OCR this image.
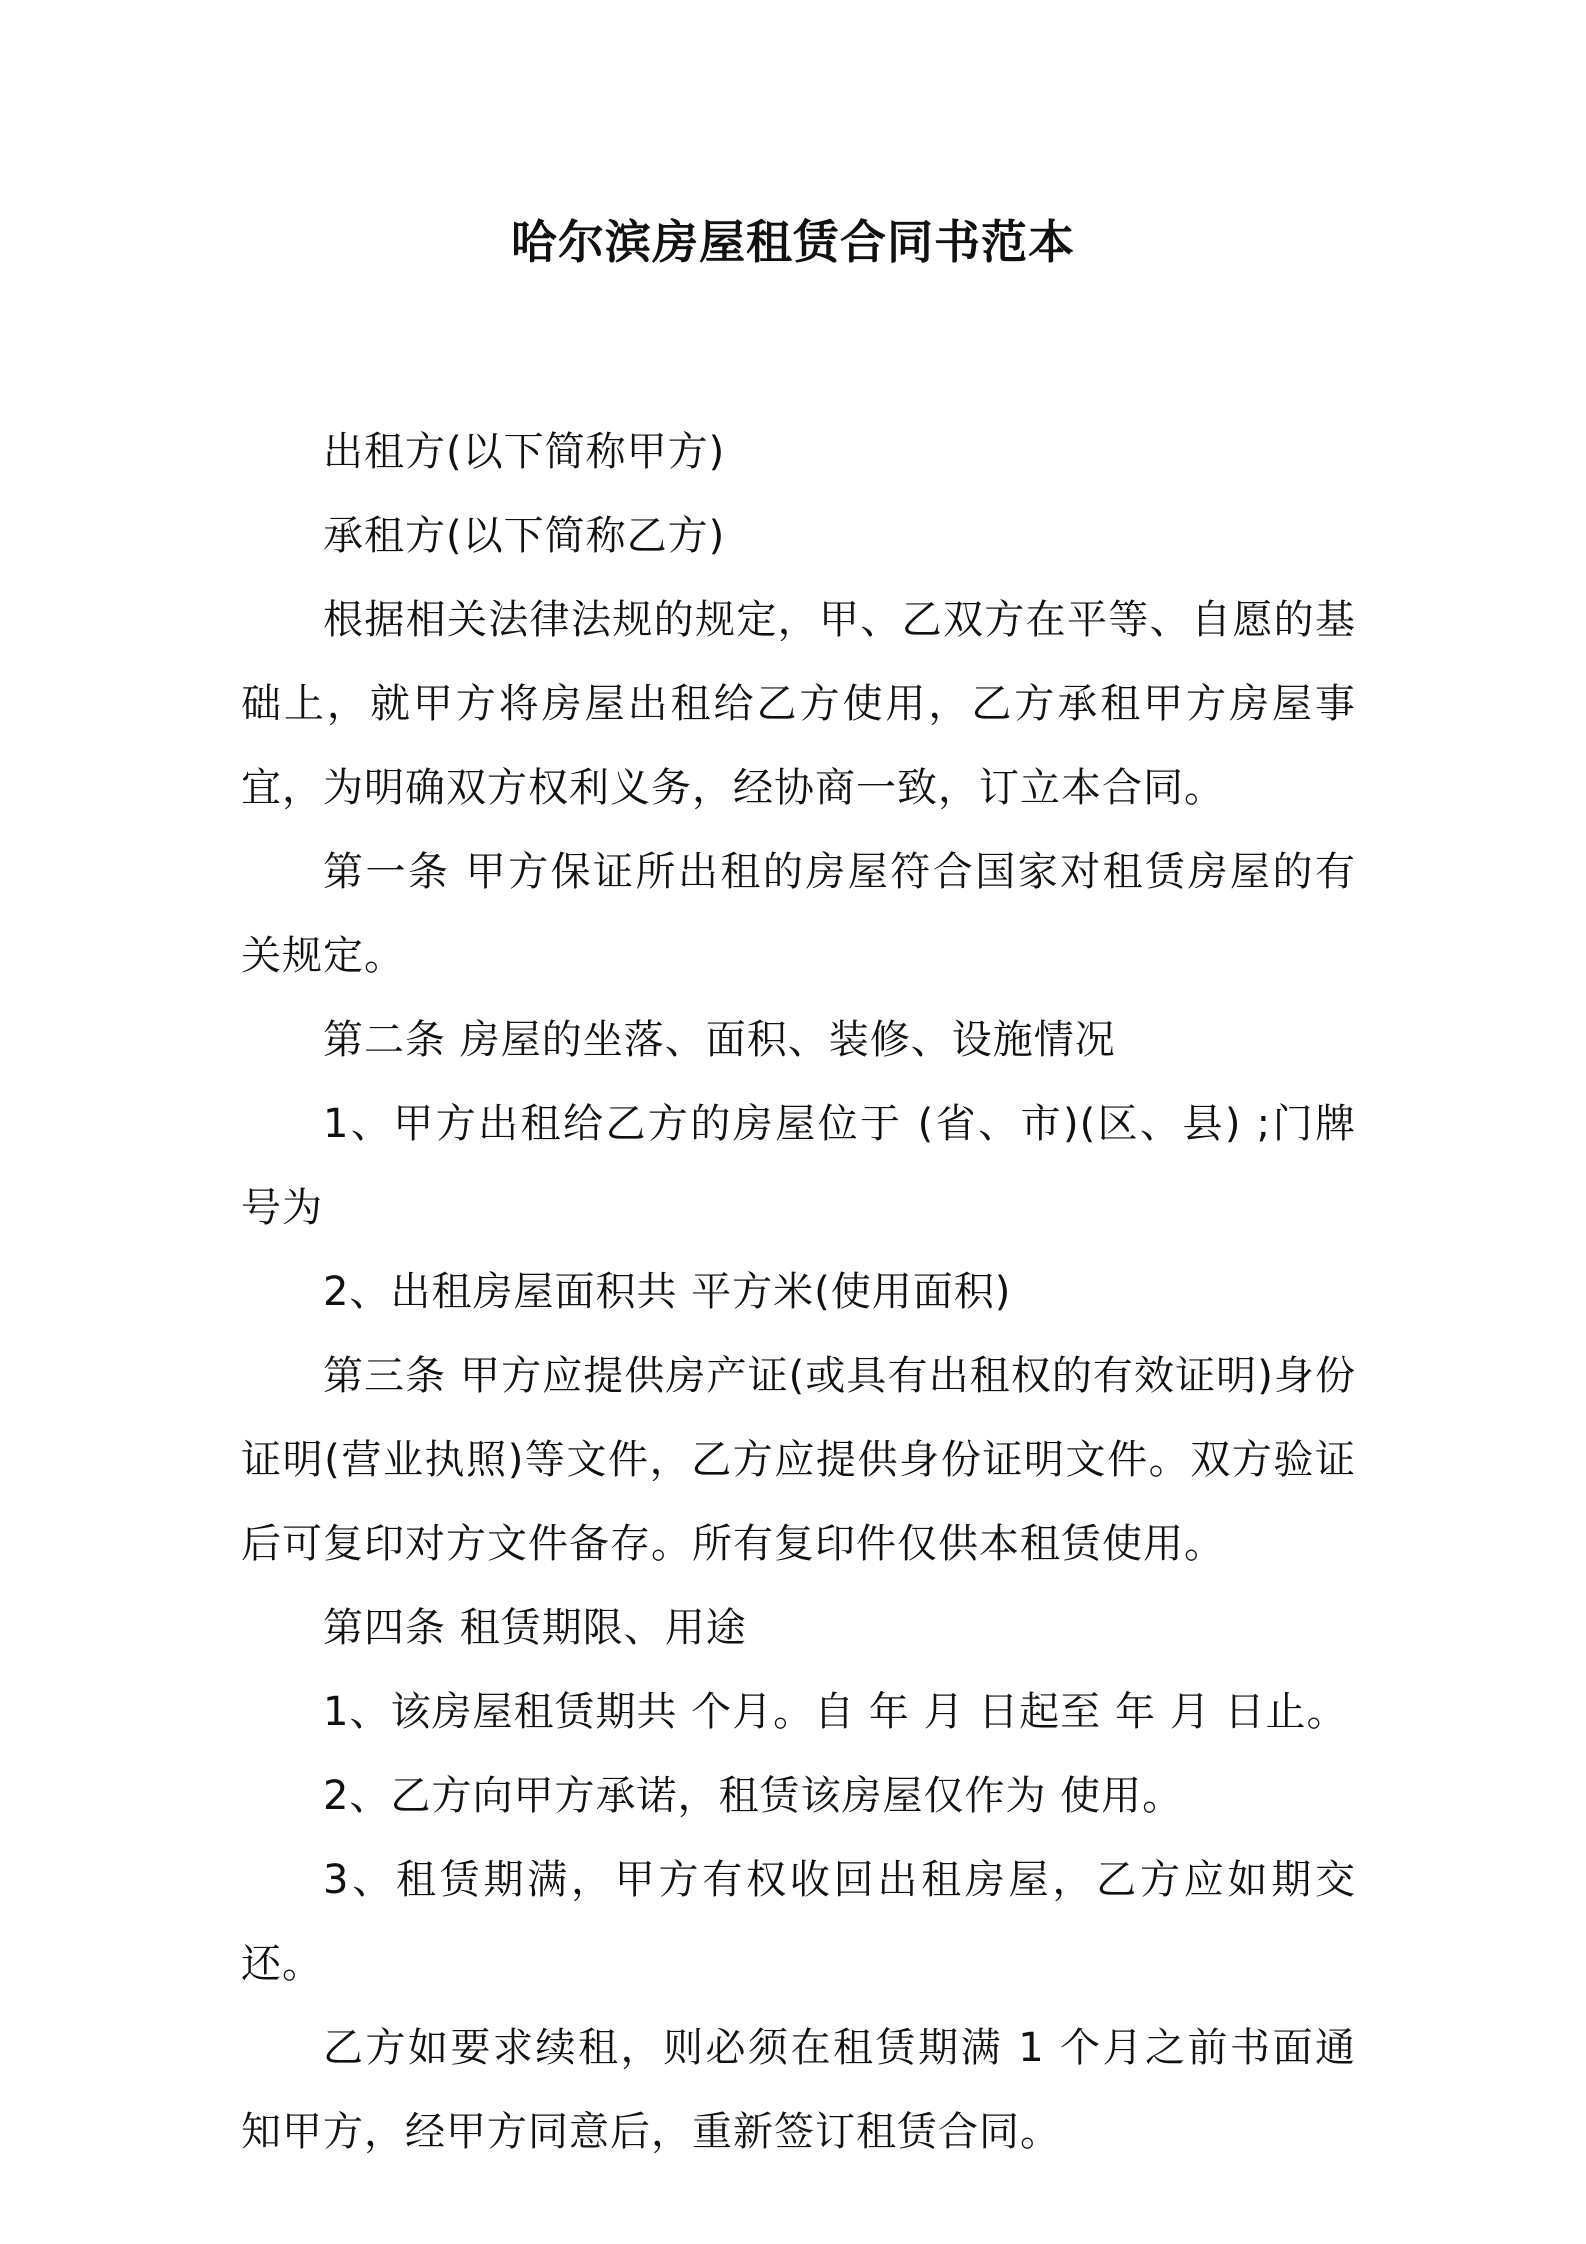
哈尔滨房屋租赁合同书范本

出租方(以下简称甲方)

承租方(以下简称乙方)

根据相关法律法规的规定，甲、乙双方在平等、自愿的基础上，就甲方将房屋出租给乙方使用，乙方承租甲方房屋事宜，为明确双方权利义务，经协商一致，订立本合同。

第一条 甲方保证所出租的房屋符合国家对租赁房屋的有关规定。

第二条 房屋的坐落、面积、装修、设施情况

1、甲方出租给乙方的房屋位于 (省、市)(区、县) ;门牌号为

2、出租房屋面积共 平方米(使用面积)

第三条 甲方应提供房产证(或具有出租权的有效证明)身份证明(营业执照)等文件，乙方应提供身份证明文件。双方验证后可复印对方文件备存。所有复印件仅供本租赁使用。

第四条 租赁期限、用途

1、该房屋租赁期共 个月。自 年 月 日起至 年 月 日止。

2、乙方向甲方承诺，租赁该房屋仅作为 使用。

3、租赁期满，甲方有权收回出租房屋，乙方应如期交还。

乙方如要求续租，则必须在租赁期满 1 个月之前书面通知甲方，经甲方同意后，重新签订租赁合同。
